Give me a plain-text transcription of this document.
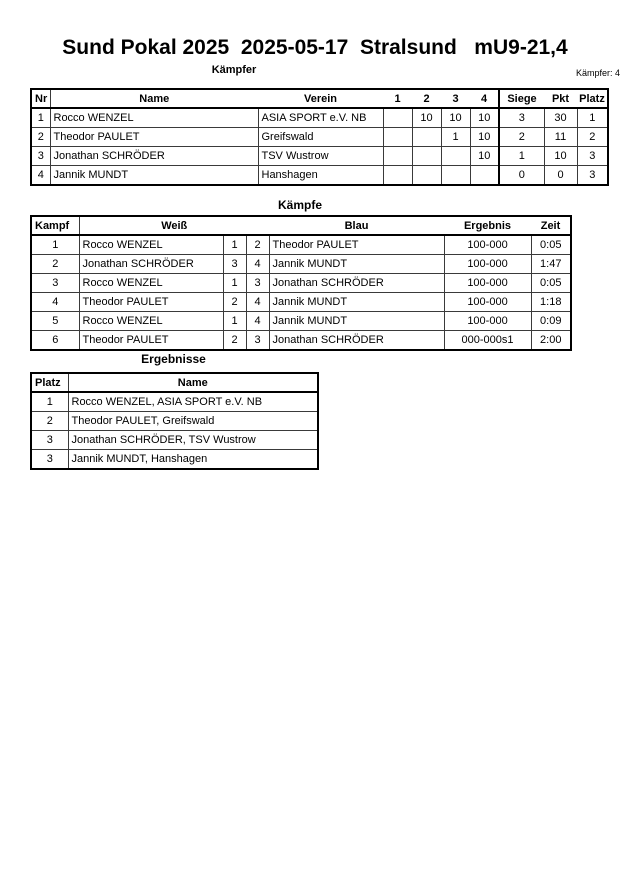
Sund Pokal 2025  2025-05-17  Stralsund   mU9-21,4
Kämpfer	Kämpfer: 4
Nr	Name	Verein	1	2	3	4	Siege	Pkt	Platz
1	Rocco WENZEL	ASIA SPORT e.V. NB		10	10	10	3	30	1
2	Theodor PAULET	Greifswald			1	10	2	11	2
3	Jonathan SCHRÖDER	TSV Wustrow				10	1	10	3
4	Jannik MUNDT	Hanshagen					0	0	3
Kämpfe
Kampf	Weiß			Blau	Ergebnis	Zeit
1	Rocco WENZEL	1	2	Theodor PAULET	100-000	0:05
2	Jonathan SCHRÖDER	3	4	Jannik MUNDT	100-000	1:47
3	Rocco WENZEL	1	3	Jonathan SCHRÖDER	100-000	0:05
4	Theodor PAULET	2	4	Jannik MUNDT	100-000	1:18
5	Rocco WENZEL	1	4	Jannik MUNDT	100-000	0:09
6	Theodor PAULET	2	3	Jonathan SCHRÖDER	000-000s1	2:00
Ergebnisse
Platz	Name
1	Rocco WENZEL, ASIA SPORT e.V. NB
2	Theodor PAULET, Greifswald
3	Jonathan SCHRÖDER, TSV Wustrow
3	Jannik MUNDT, Hanshagen
